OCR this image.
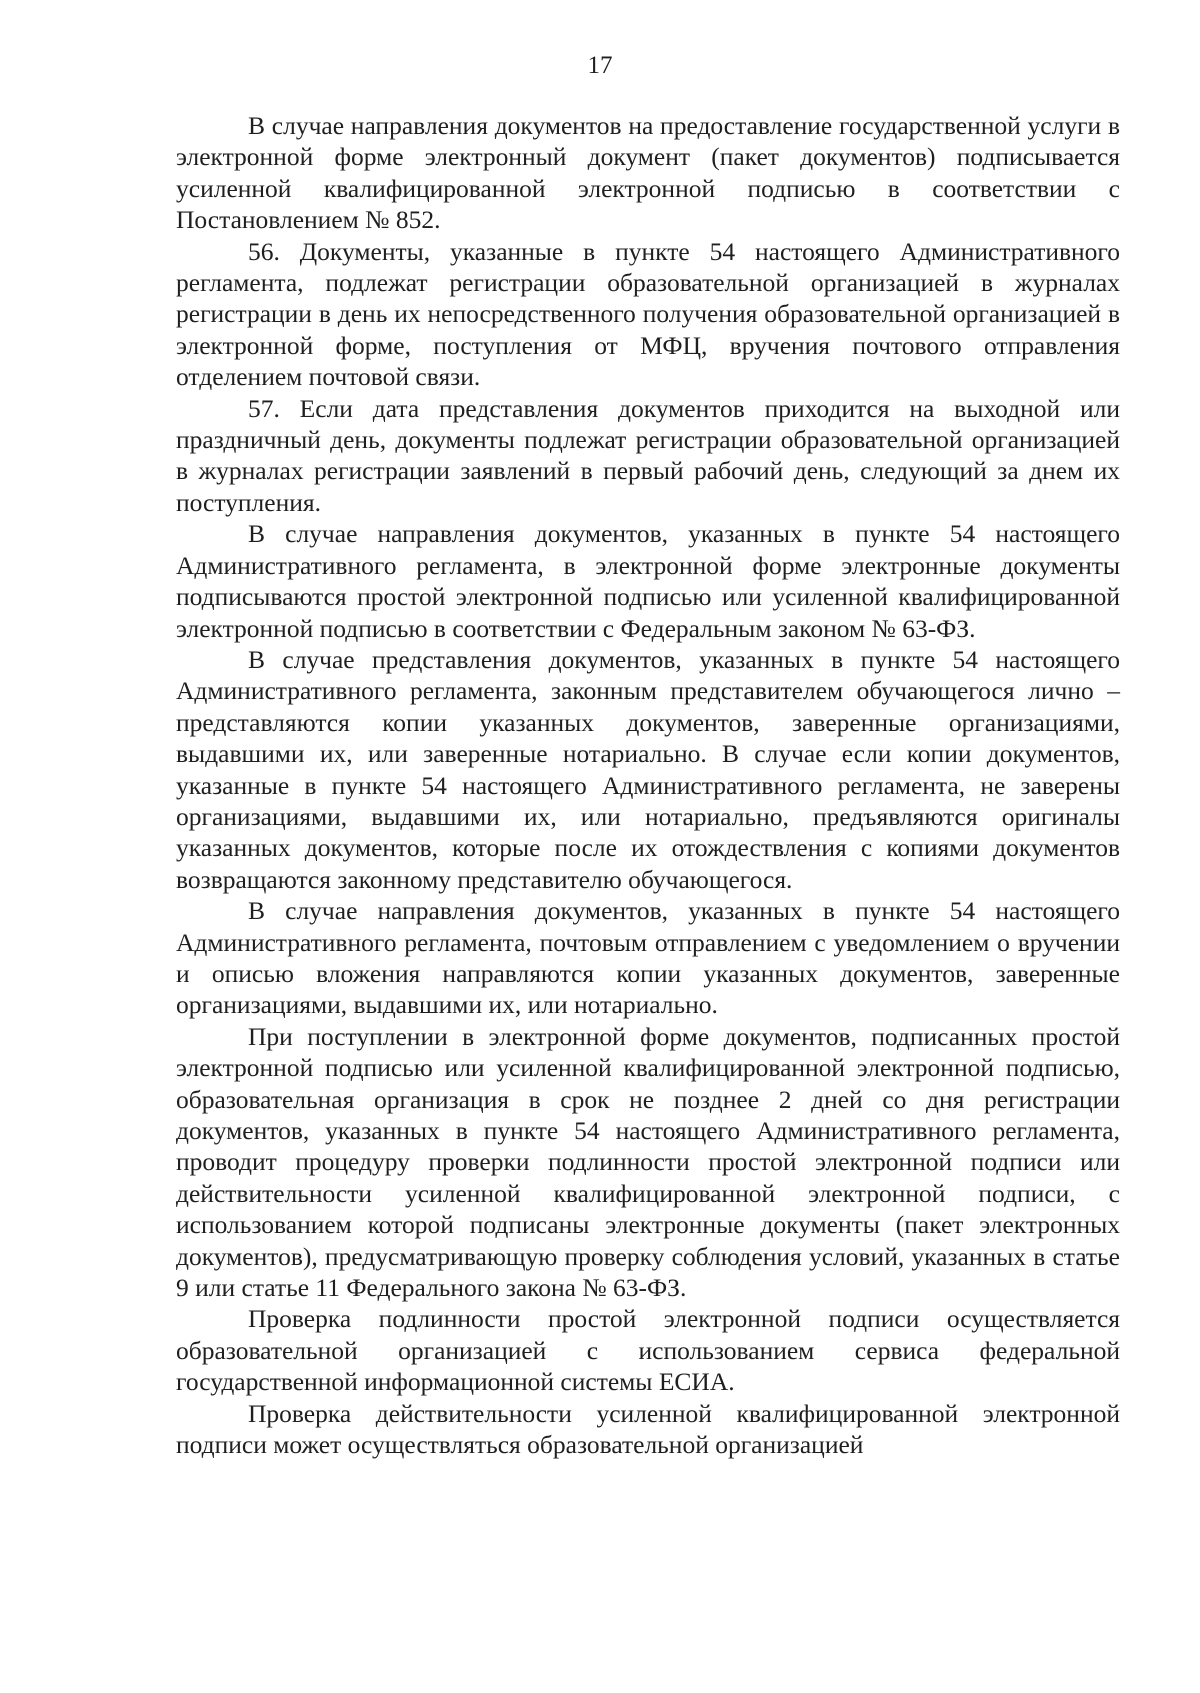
17

В случае направления документов на предоставление государственной услуги в электронной форме электронный документ (пакет документов) подписывается усиленной квалифицированной электронной подписью в соответствии с Постановлением № 852.

56. Документы, указанные в пункте 54 настоящего Административного регламента, подлежат регистрации образовательной организацией в журналах регистрации в день их непосредственного получения образовательной организацией в электронной форме, поступления от МФЦ, вручения почтового отправления отделением почтовой связи.

57. Если дата представления документов приходится на выходной или праздничный день, документы подлежат регистрации образовательной организацией в журналах регистрации заявлений в первый рабочий день, следующий за днем их поступления.

В случае направления документов, указанных в пункте 54 настоящего Административного регламента, в электронной форме электронные документы подписываются простой электронной подписью или усиленной квалифицированной электронной подписью в соответствии с Федеральным законом № 63-ФЗ.

В случае представления документов, указанных в пункте 54 настоящего Административного регламента, законным представителем обучающегося лично – представляются копии указанных документов, заверенные организациями, выдавшими их, или заверенные нотариально. В случае если копии документов, указанные в пункте 54 настоящего Административного регламента, не заверены организациями, выдавшими их, или нотариально, предъявляются оригиналы указанных документов, которые после их отождествления с копиями документов возвращаются законному представителю обучающегося.

В случае направления документов, указанных в пункте 54 настоящего Административного регламента, почтовым отправлением с уведомлением о вручении и описью вложения направляются копии указанных документов, заверенные организациями, выдавшими их, или нотариально.

При поступлении в электронной форме документов, подписанных простой электронной подписью или усиленной квалифицированной электронной подписью, образовательная организация в срок не позднее 2 дней со дня регистрации документов, указанных в пункте 54 настоящего Административного регламента, проводит процедуру проверки подлинности простой электронной подписи или действительности усиленной квалифицированной электронной подписи, с использованием которой подписаны электронные документы (пакет электронных документов), предусматривающую проверку соблюдения условий, указанных в статье 9 или статье 11 Федерального закона № 63-ФЗ.

Проверка подлинности простой электронной подписи осуществляется образовательной организацией с использованием сервиса федеральной государственной информационной системы ЕСИА.

Проверка действительности усиленной квалифицированной электронной подписи может осуществляться образовательной организацией
